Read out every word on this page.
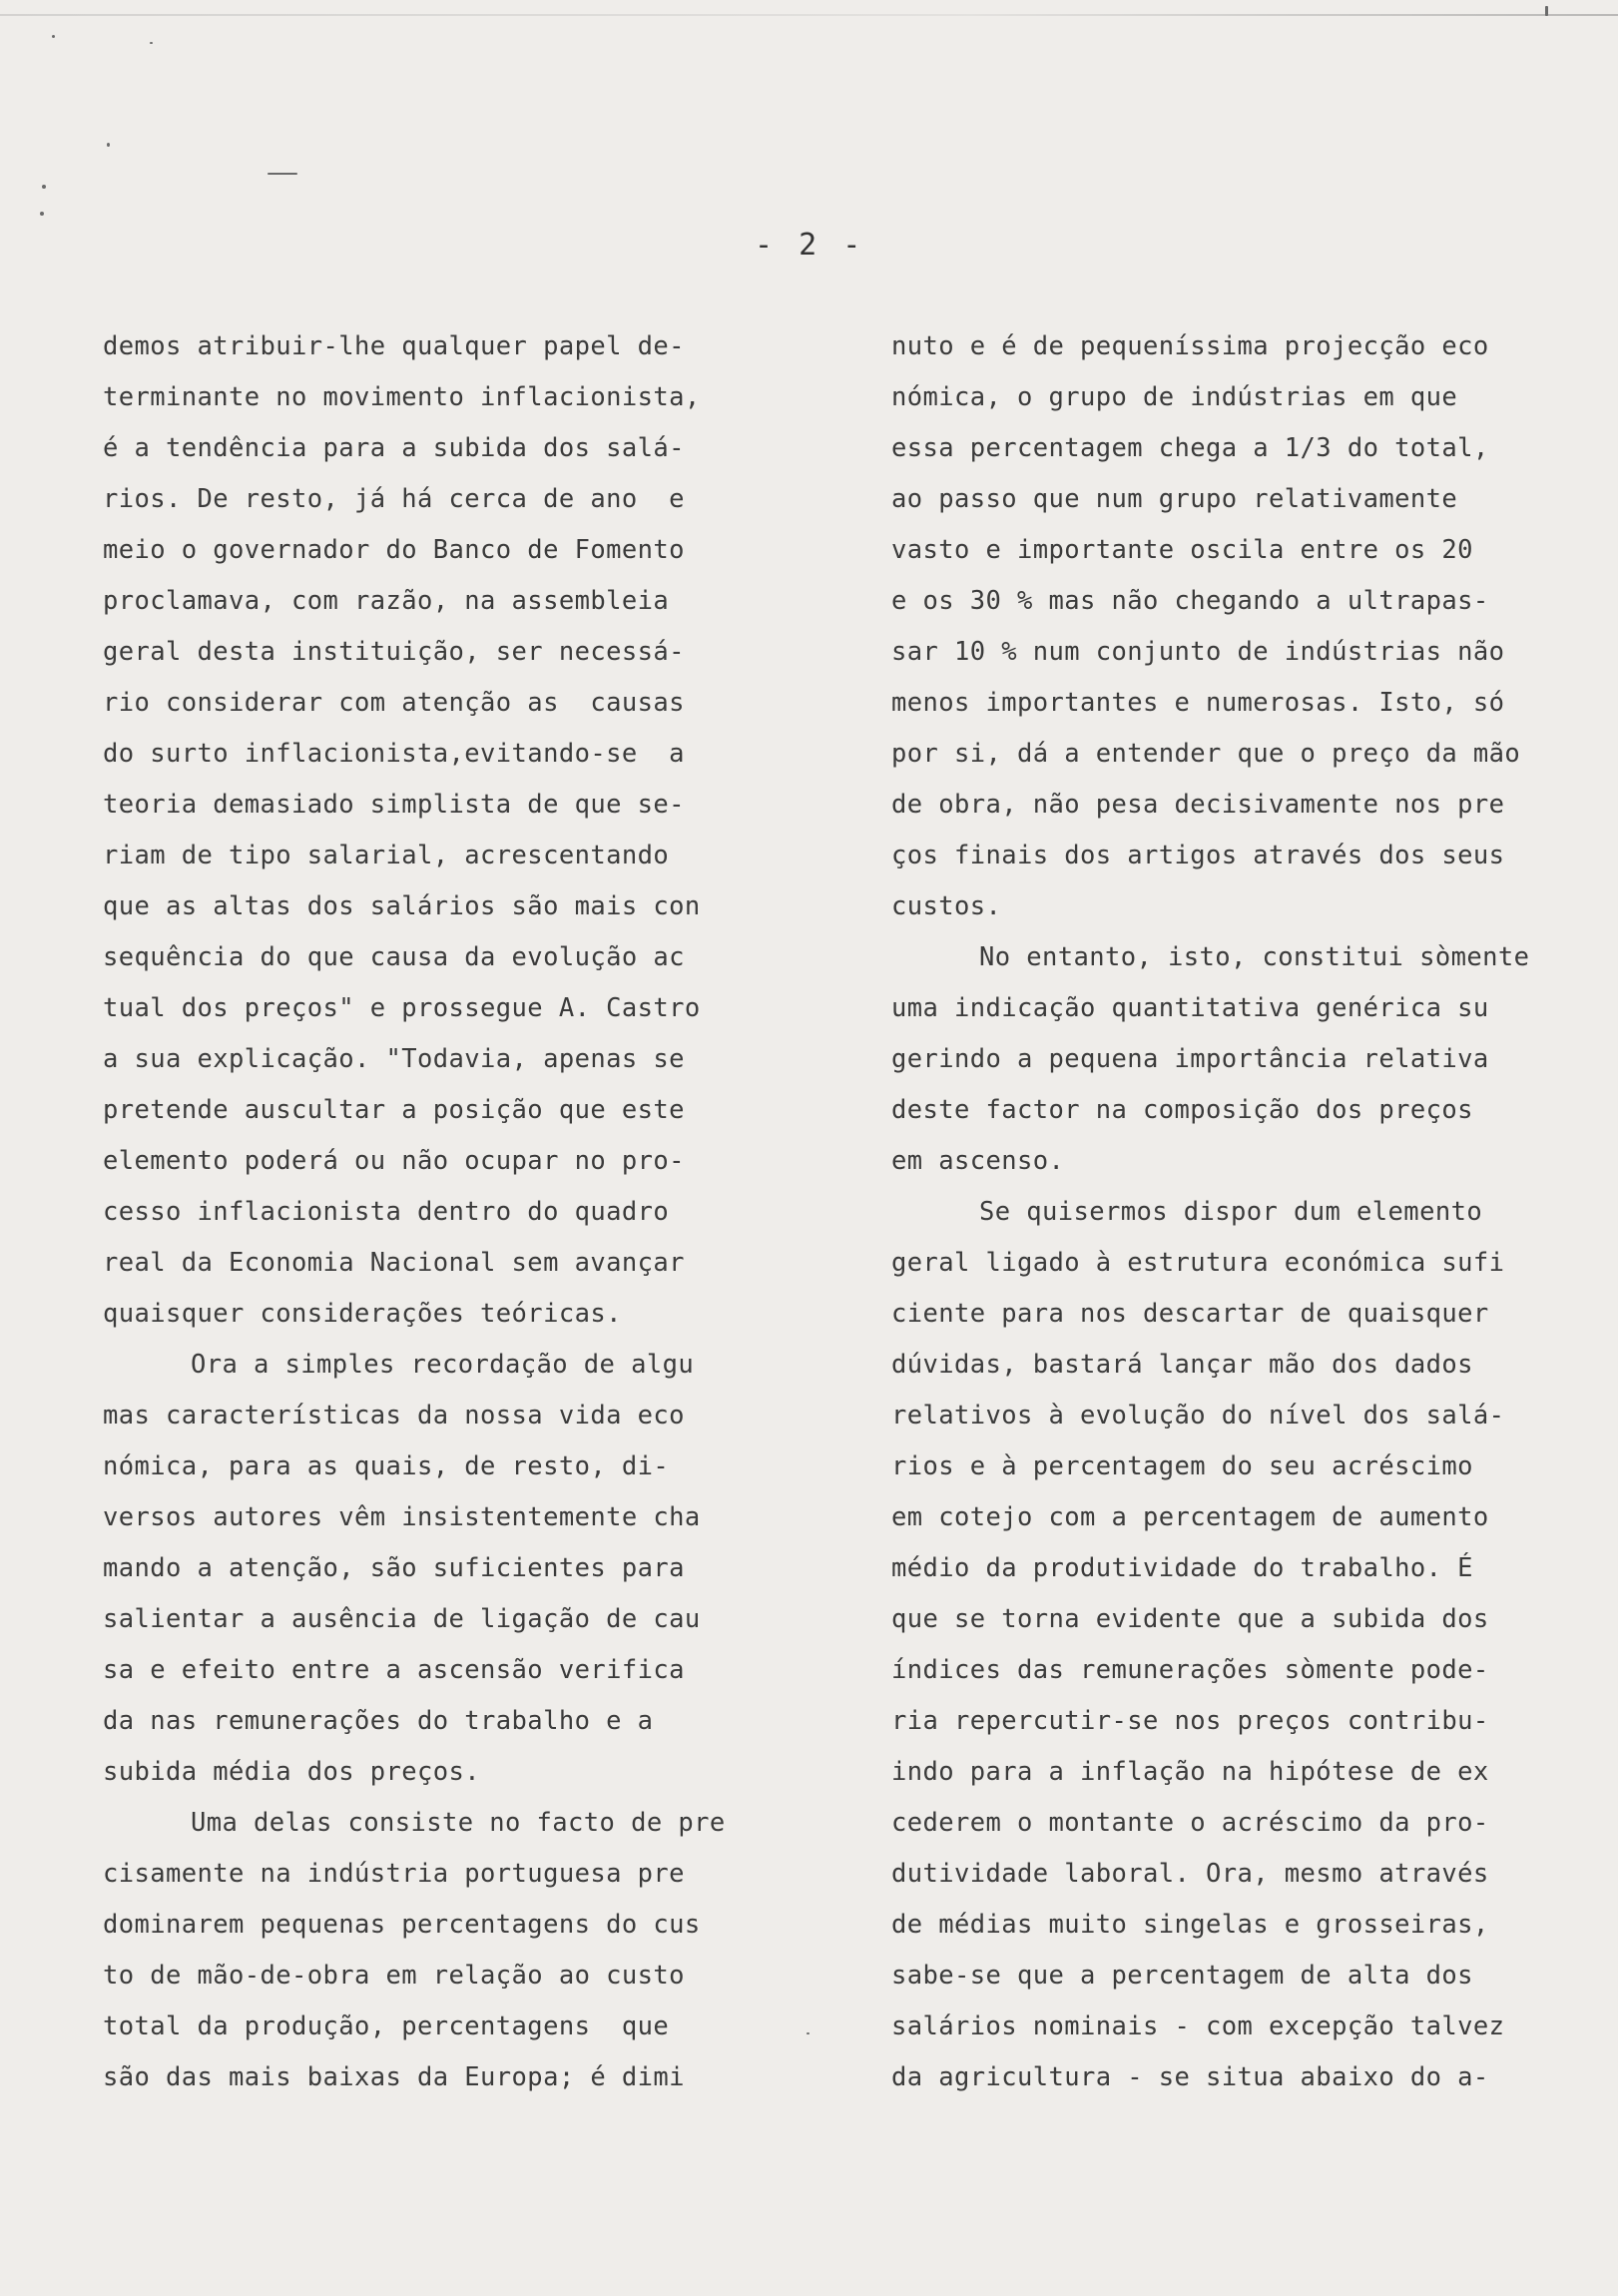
- 2 -
demos atribuir-lhe qualquer papel de-
terminante no movimento inflacionista,
é a tendência para a subida dos salá-
rios. De resto, já há cerca de ano  e
meio o governador do Banco de Fomento
proclamava, com razão, na assembleia
geral desta instituição, ser necessá-
rio considerar com atenção as  causas
do surto inflacionista,evitando-se  a
teoria demasiado simplista de que se-
riam de tipo salarial, acrescentando
que as altas dos salários são mais con
sequência do que causa da evolução ac
tual dos preços" e prossegue A. Castro
a sua explicação. "Todavia, apenas se
pretende auscultar a posição que este
elemento poderá ou não ocupar no pro-
cesso inflacionista dentro do quadro
real da Economia Nacional sem avançar
quaisquer considerações teóricas.
Ora a simples recordação de algu
mas características da nossa vida eco
nómica, para as quais, de resto, di-
versos autores vêm insistentemente cha
mando a atenção, são suficientes para
salientar a ausência de ligação de cau
sa e efeito entre a ascensão verifica
da nas remunerações do trabalho e a
subida média dos preços.
Uma delas consiste no facto de pre
cisamente na indústria portuguesa pre
dominarem pequenas percentagens do cus
to de mão-de-obra em relação ao custo
total da produção, percentagens  que
são das mais baixas da Europa; é dimi
nuto e é de pequeníssima projecção eco
nómica, o grupo de indústrias em que
essa percentagem chega a 1/3 do total,
ao passo que num grupo relativamente
vasto e importante oscila entre os 20
e os 30 % mas não chegando a ultrapas-
sar 10 % num conjunto de indústrias não
menos importantes e numerosas. Isto, só
por si, dá a entender que o preço da mão
de obra, não pesa decisivamente nos pre
ços finais dos artigos através dos seus
custos.
No entanto, isto, constitui sòmente
uma indicação quantitativa genérica su
gerindo a pequena importância relativa
deste factor na composição dos preços
em ascenso.
Se quisermos dispor dum elemento
geral ligado à estrutura económica sufi
ciente para nos descartar de quaisquer
dúvidas, bastará lançar mão dos dados
relativos à evolução do nível dos salá-
rios e à percentagem do seu acréscimo
em cotejo com a percentagem de aumento
médio da produtividade do trabalho. É
que se torna evidente que a subida dos
índices das remunerações sòmente pode-
ria repercutir-se nos preços contribu-
indo para a inflação na hipótese de ex
cederem o montante o acréscimo da pro-
dutividade laboral. Ora, mesmo através
de médias muito singelas e grosseiras,
sabe-se que a percentagem de alta dos
salários nominais - com excepção talvez
da agricultura - se situa abaixo do a-
